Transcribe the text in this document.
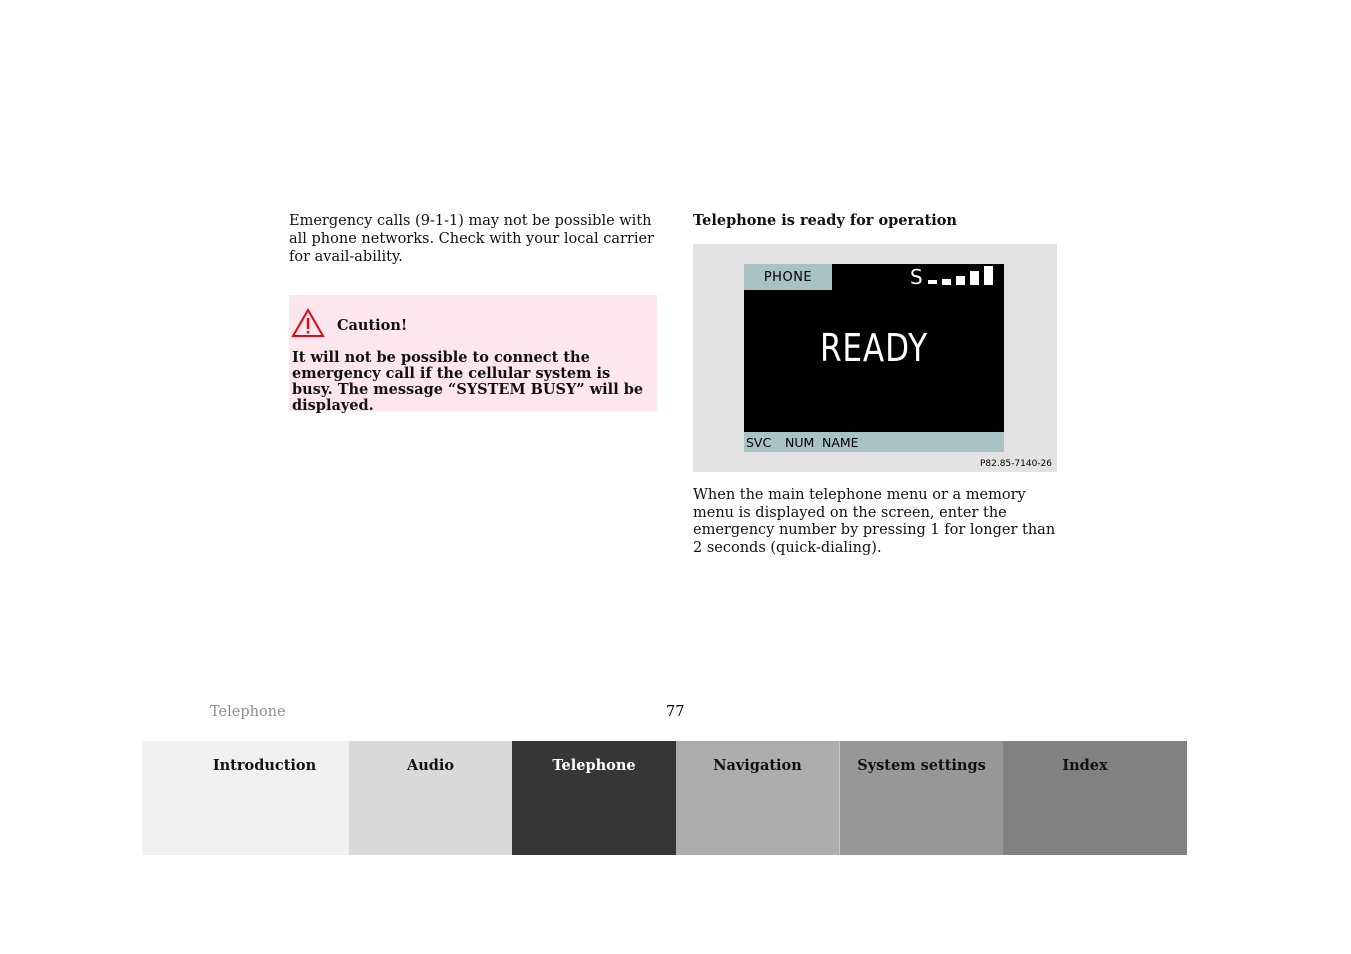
Emergency calls (9-1-1) may not be possible with all phone networks. Check with your local carrier for avail-ability.
Caution!
It will not be possible to connect the emergency call if the cellular system is busy. The message “SYSTEM BUSY” will be displayed.
Telephone is ready for operation
PHONE	S
READY
SVC NUM NAME
P82.85-7140-26
When the main telephone menu or a memory menu is displayed on the screen, enter the emergency number by pressing 1 for longer than 2 seconds (quick-dialing).
Telephone	77
Introduction	Audio	Telephone	Navigation	System settings	Index
